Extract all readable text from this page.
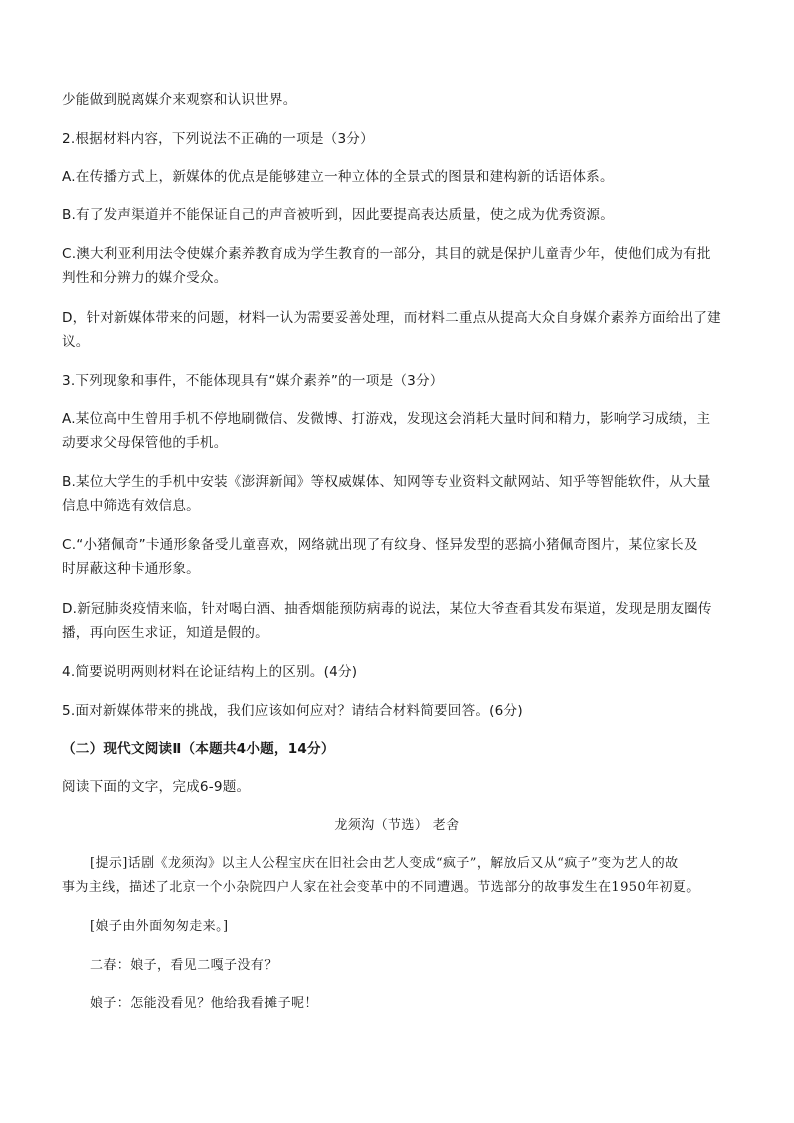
少能做到脱离媒介来观察和认识世界。
2.根据材料内容，下列说法不正确的一项是（3分）
A.在传播方式上，新媒体的优点是能够建立一种立体的全景式的图景和建构新的话语体系。
B.有了发声渠道并不能保证自己的声音被听到，因此要提高表达质量，使之成为优秀资源。
C.澳大利亚利用法令使媒介素养教育成为学生教育的一部分，其目的就是保护儿童青少年，使他们成为有批
判性和分辨力的媒介受众。
D，针对新媒体带来的问题，材料一认为需要妥善处理，而材料二重点从提高大众自身媒介素养方面给出了建
议。
3.下列现象和事件，不能体现具有“媒介素养”的一项是（3分）
A.某位高中生曾用手机不停地刷微信、发微博、打游戏，发现这会消耗大量时间和精力，影响学习成绩，主
动要求父母保管他的手机。
B.某位大学生的手机中安装《澎湃新闻》等权威媒体、知网等专业资料文献网站、知乎等智能软件，从大量
信息中筛选有效信息。
C.“小猪佩奇”卡通形象备受儿童喜欢，网络就出现了有纹身、怪异发型的恶搞小猪佩奇图片，某位家长及
时屏蔽这种卡通形象。
D.新冠肺炎疫情来临，针对喝白酒、抽香烟能预防病毒的说法，某位大爷查看其发布渠道，发现是朋友圈传
播，再向医生求证，知道是假的。
4.简要说明两则材料在论证结构上的区别。(4分)
5.面对新媒体带来的挑战，我们应该如何应对？请结合材料简要回答。(6分)
（二）现代文阅读Ⅱ（本题共4小题，14分）
阅读下面的文字，完成6-9题。
龙须沟（节选） 老舍
[提示]话剧《龙须沟》以主人公程宝庆在旧社会由艺人变成“疯子”，解放后又从“疯子”变为艺人的故
事为主线，描述了北京一个小杂院四户人家在社会变革中的不同遭遇。节选部分的故事发生在1950年初夏。
[娘子由外面匆匆走来。]
二春：娘子，看见二嘎子没有？
娘子：怎能没看见？他给我看摊子呢！
